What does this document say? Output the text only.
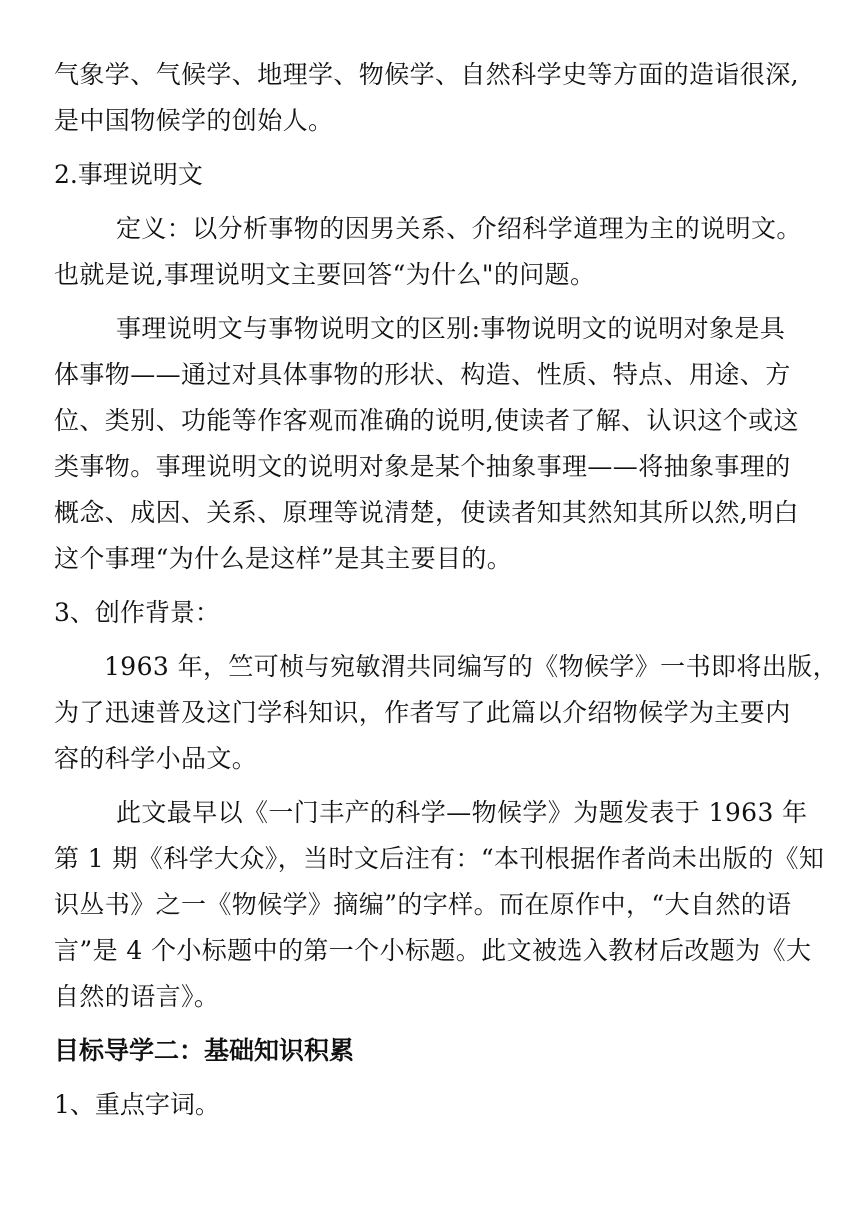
气象学、气候学、地理学、物候学、自然科学史等方面的造诣很深,
是中国物候学的创始人。
2.事理说明文
定义：以分析事物的因男关系、介绍科学道理为主的说明文。
也就是说,事理说明文主要回答“为什么"的问题。
事理说明文与事物说明文的区别:事物说明文的说明对象是具
体事物——通过对具体事物的形状、构造、性质、特点、用途、方
位、类别、功能等作客观而准确的说明,使读者了解、认识这个或这
类事物。事理说明文的说明对象是某个抽象事理——将抽象事理的
概念、成因、关系、原理等说清楚，使读者知其然知其所以然,明白
这个事理“为什么是这样”是其主要目的。
3、创作背景：
1963 年，竺可桢与宛敏渭共同编写的《物候学》一书即将出版，
为了迅速普及这门学科知识，作者写了此篇以介绍物候学为主要内
容的科学小品文。
此文最早以《一门丰产的科学—物候学》为题发表于 1963 年
第 1 期《科学大众》，当时文后注有：“本刊根据作者尚未出版的《知
识丛书》之一《物候学》摘编”的字样。而在原作中，“大自然的语
言”是 4 个小标题中的第一个小标题。此文被选入教材后改题为《大
自然的语言》。
目标导学二：基础知识积累
1、重点字词。
